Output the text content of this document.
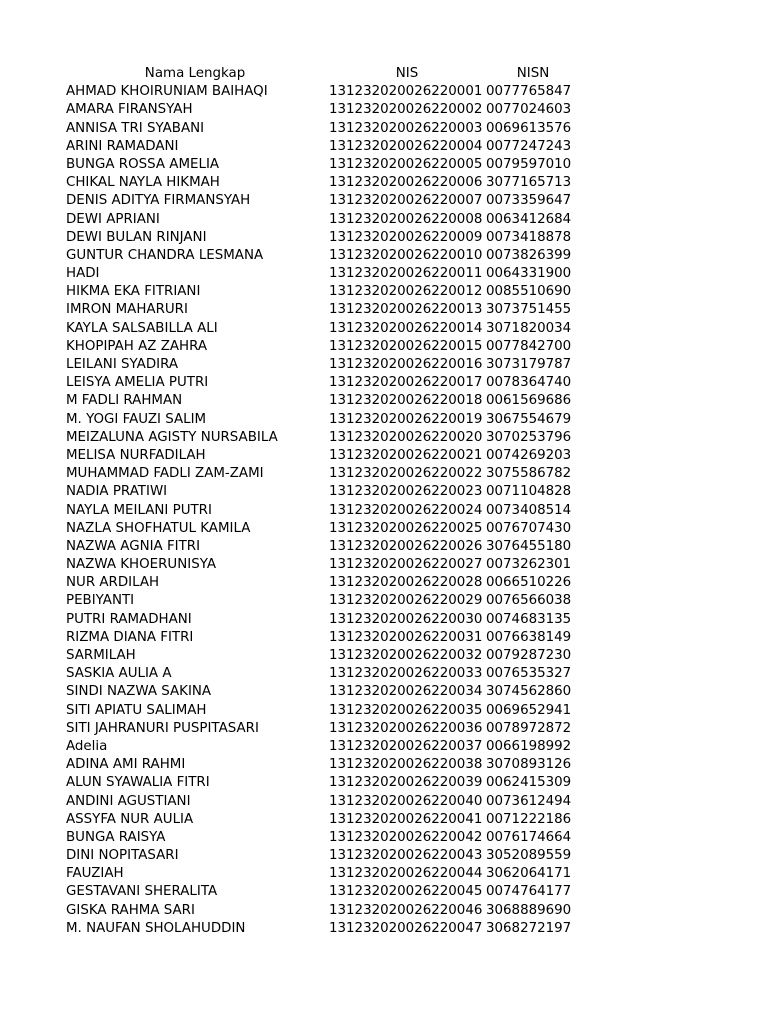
Nama Lengkap	NIS	NISN
AHMAD KHOIRUNIAM BAIHAQI	131232020026220001 0077765847
AMARA FIRANSYAH	131232020026220002 0077024603
ANNISA TRI SYABANI	131232020026220003 0069613576
ARINI RAMADANI	131232020026220004 0077247243
BUNGA ROSSA AMELIA	131232020026220005 0079597010
CHIKAL NAYLA HIKMAH	131232020026220006 3077165713
DENIS ADITYA FIRMANSYAH	131232020026220007 0073359647
DEWI APRIANI	131232020026220008 0063412684
DEWI BULAN RINJANI	131232020026220009 0073418878
GUNTUR CHANDRA LESMANA	131232020026220010 0073826399
HADI	131232020026220011 0064331900
HIKMA EKA FITRIANI	131232020026220012 0085510690
IMRON MAHARURI	131232020026220013 3073751455
KAYLA SALSABILLA ALI	131232020026220014 3071820034
KHOPIPAH AZ ZAHRA	131232020026220015 0077842700
LEILANI SYADIRA	131232020026220016 3073179787
LEISYA AMELIA PUTRI	131232020026220017 0078364740
M FADLI RAHMAN	131232020026220018 0061569686
M. YOGI FAUZI SALIM	131232020026220019 3067554679
MEIZALUNA AGISTY NURSABILA	131232020026220020 3070253796
MELISA NURFADILAH	131232020026220021 0074269203
MUHAMMAD FADLI ZAM-ZAMI	131232020026220022 3075586782
NADIA PRATIWI	131232020026220023 0071104828
NAYLA MEILANI PUTRI	131232020026220024 0073408514
NAZLA SHOFHATUL KAMILA	131232020026220025 0076707430
NAZWA AGNIA FITRI	131232020026220026 3076455180
NAZWA KHOERUNISYA	131232020026220027 0073262301
NUR ARDILAH	131232020026220028 0066510226
PEBIYANTI	131232020026220029 0076566038
PUTRI RAMADHANI	131232020026220030 0074683135
RIZMA DIANA FITRI	131232020026220031 0076638149
SARMILAH	131232020026220032 0079287230
SASKIA AULIA A	131232020026220033 0076535327
SINDI NAZWA SAKINA	131232020026220034 3074562860
SITI APIATU SALIMAH	131232020026220035 0069652941
SITI JAHRANURI PUSPITASARI	131232020026220036 0078972872
Adelia	131232020026220037 0066198992
ADINA AMI RAHMI	131232020026220038 3070893126
ALUN SYAWALIA FITRI	131232020026220039 0062415309
ANDINI AGUSTIANI	131232020026220040 0073612494
ASSYFA NUR AULIA	131232020026220041 0071222186
BUNGA RAISYA	131232020026220042 0076174664
DINI NOPITASARI	131232020026220043 3052089559
FAUZIAH	131232020026220044 3062064171
GESTAVANI SHERALITA	131232020026220045 0074764177
GISKA RAHMA SARI	131232020026220046 3068889690
M. NAUFAN SHOLAHUDDIN	131232020026220047 3068272197
